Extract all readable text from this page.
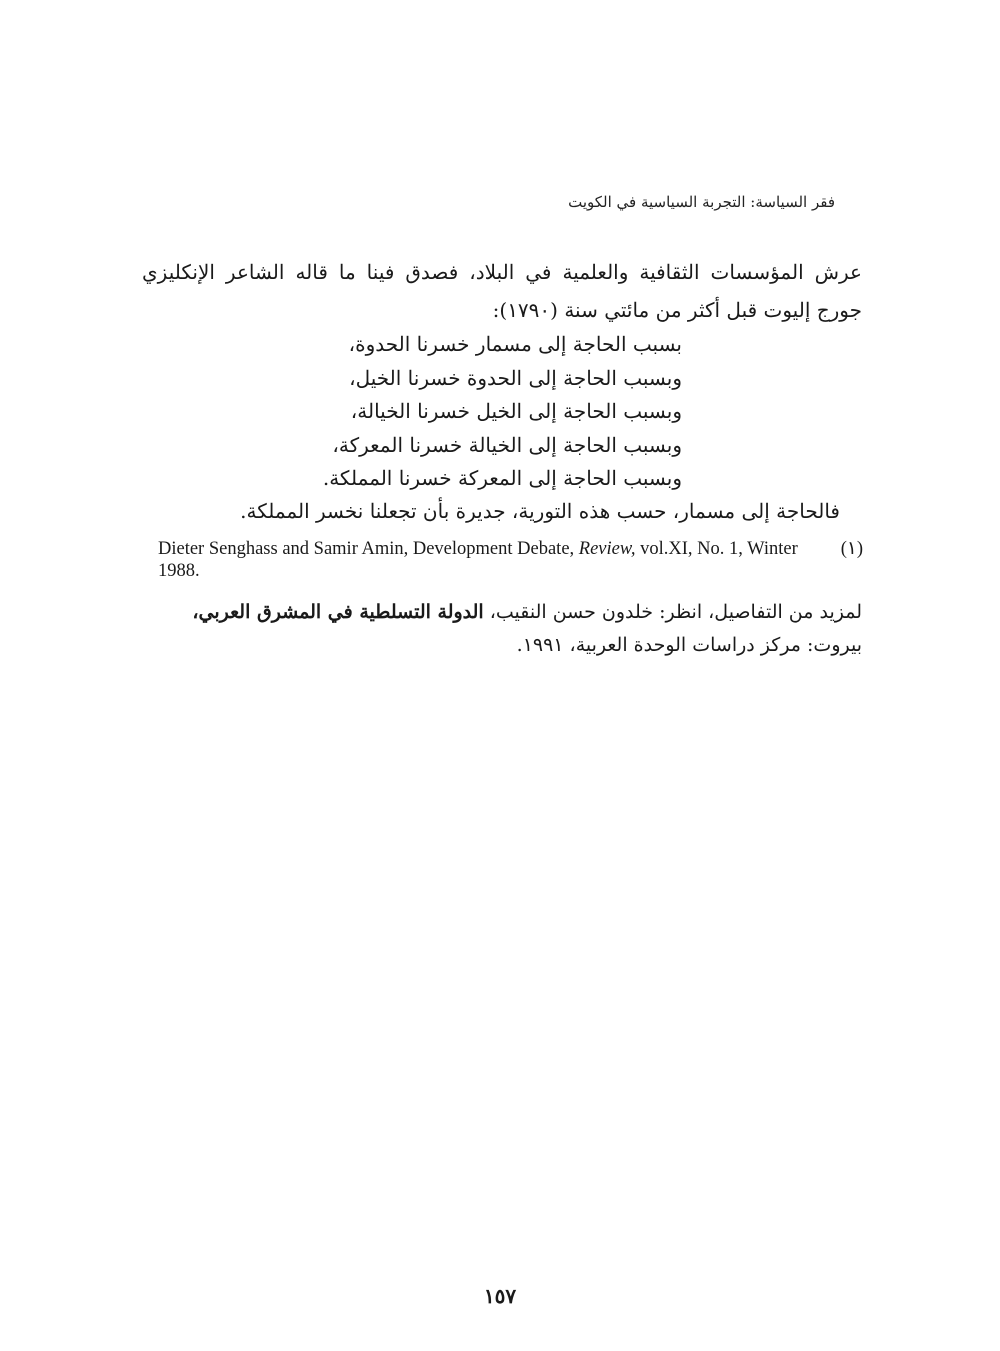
فقر السياسة: التجربة السياسية في الكويت
عرش المؤسسات الثقافية والعلمية في البلاد، فصدق فينا ما قاله الشاعر الإنكليزي جورج إليوت قبل أكثر من مائتي سنة (١٧٩٠):
بسبب الحاجة إلى مسمار خسرنا الحدوة،
وبسبب الحاجة إلى الحدوة خسرنا الخيل،
وبسبب الحاجة إلى الخيل خسرنا الخيالة،
وبسبب الحاجة إلى الخيالة خسرنا المعركة،
وبسبب الحاجة إلى المعركة خسرنا المملكة.
فالحاجة إلى مسمار، حسب هذه التورية، جديرة بأن تجعلنا نخسر المملكة.
(١)
Dieter Senghass and Samir Amin, Development Debate, Review, vol.XI, No. 1, Winter 1988.
لمزيد من التفاصيل، انظر: خلدون حسن النقيب، الدولة التسلطية في المشرق العربي، بيروت: مركز دراسات الوحدة العربية، ١٩٩١.
١٥٧
